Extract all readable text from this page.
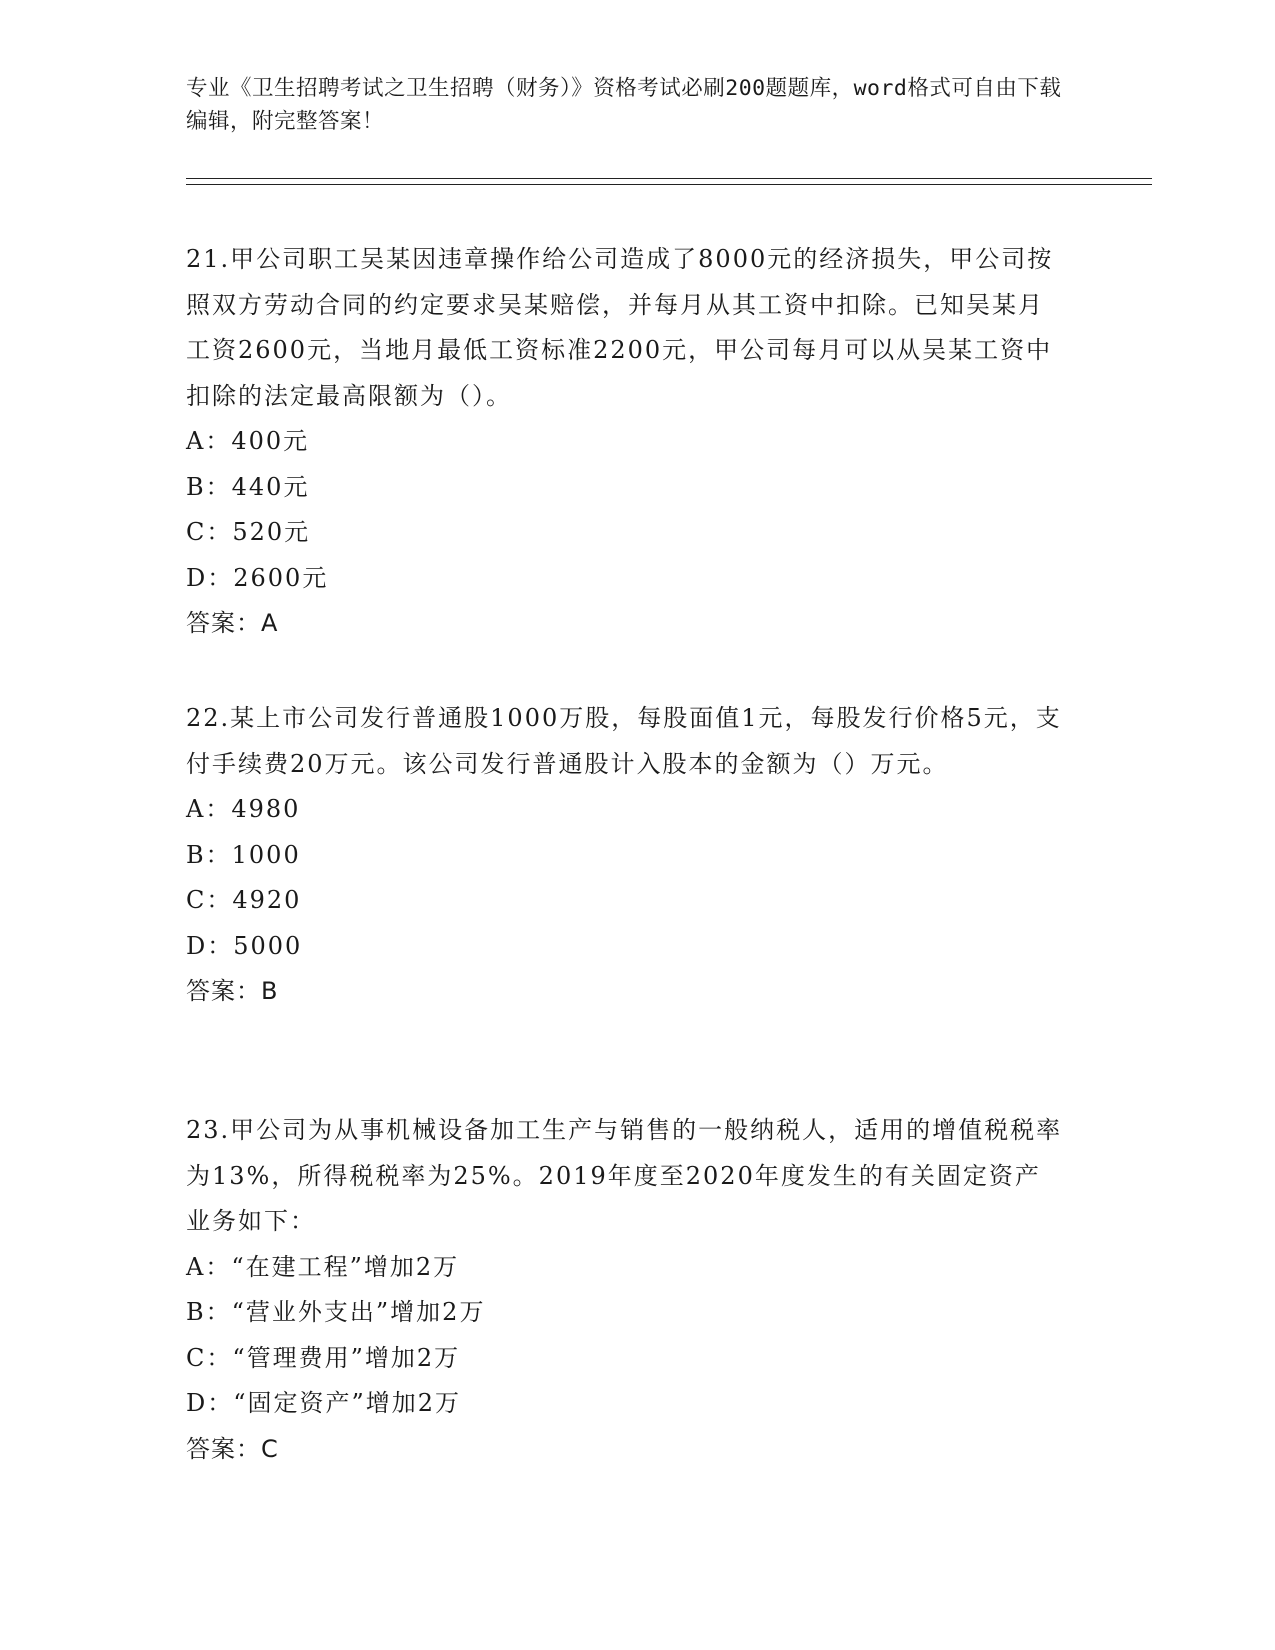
专业《卫生招聘考试之卫生招聘（财务）》资格考试必刷200题题库，word格式可自由下载编辑，附完整答案！

21.甲公司职工吴某因违章操作给公司造成了8000元的经济损失，甲公司按照双方劳动合同的约定要求吴某赔偿，并每月从其工资中扣除。已知吴某月工资2600元，当地月最低工资标准2200元，甲公司每月可以从吴某工资中扣除的法定最高限额为（）。

A：400元

B：440元

C：520元

D：2600元

答案：A

22.某上市公司发行普通股1000万股，每股面值1元，每股发行价格5元，支付手续费20万元。该公司发行普通股计入股本的金额为（）万元。

A：4980

B：1000

C：4920

D：5000

答案：B

23.甲公司为从事机械设备加工生产与销售的一般纳税人，适用的增值税税率为13%，所得税税率为25%。2019年度至2020年度发生的有关固定资产业务如下：

A：“在建工程”增加2万

B：“营业外支出”增加2万

C：“管理费用”增加2万

D：“固定资产”增加2万

答案：C
